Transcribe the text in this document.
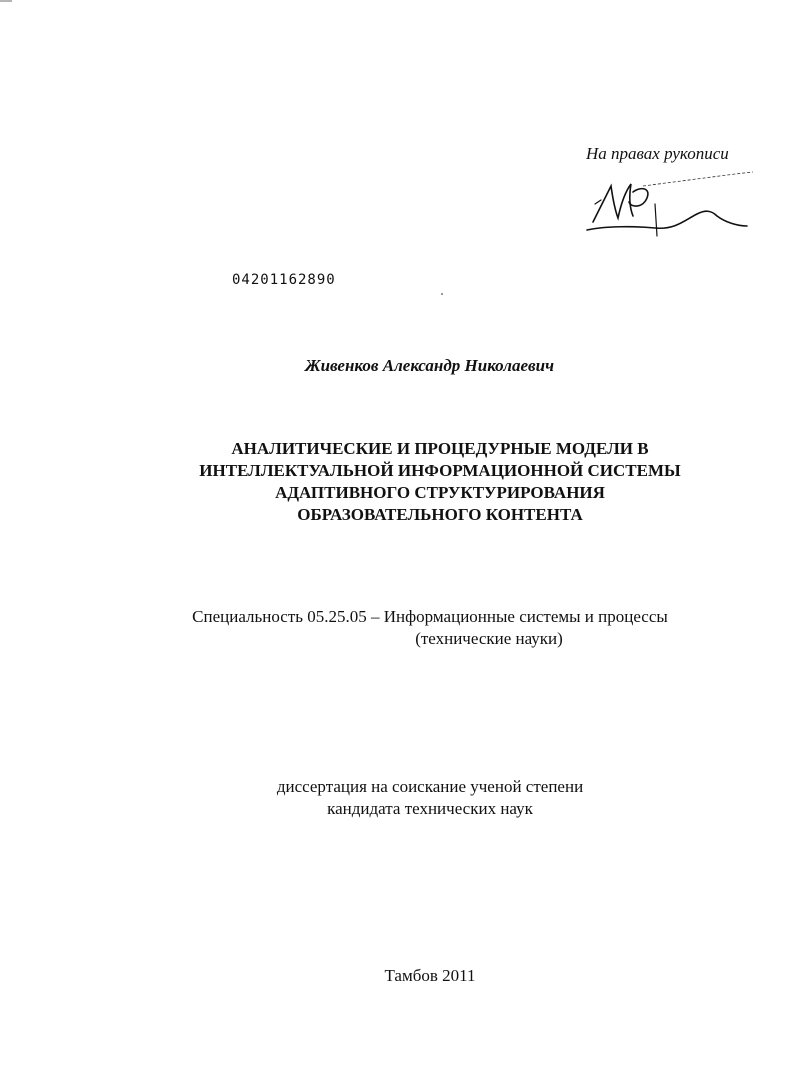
На правах рукописи
04201162890
Живенков Александр Николаевич
АНАЛИТИЧЕСКИЕ И ПРОЦЕДУРНЫЕ МОДЕЛИ В
ИНТЕЛЛЕКТУАЛЬНОЙ ИНФОРМАЦИОННОЙ СИСТЕМЫ
АДАПТИВНОГО СТРУКТУРИРОВАНИЯ
ОБРАЗОВАТЕЛЬНОГО КОНТЕНТА
Специальность 05.25.05 – Информационные системы и процессы
(технические науки)
диссертация на соискание ученой степени
кандидата технических наук
Тамбов 2011
